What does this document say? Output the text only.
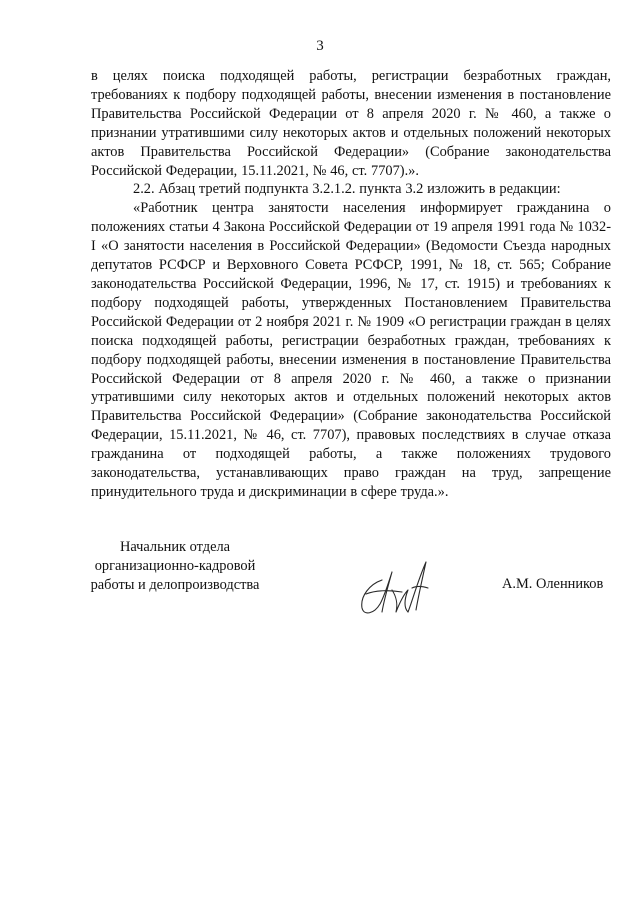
3

в целях поиска подходящей работы, регистрации безработных граждан, требованиях к подбору подходящей работы, внесении изменения в постановление Правительства Российской Федерации от 8 апреля 2020 г. № 460, а также о признании утратившими силу некоторых актов и отдельных положений некоторых актов Правительства Российской Федерации» (Собрание законодательства Российской Федерации, 15.11.2021, № 46, ст. 7707).».

2.2. Абзац третий подпункта 3.2.1.2. пункта 3.2 изложить в редакции:

«Работник центра занятости населения информирует гражданина о положениях статьи 4 Закона Российской Федерации от 19 апреля 1991 года № 1032-I «О занятости населения в Российской Федерации» (Ведомости Съезда народных депутатов РСФСР и Верховного Совета РСФСР, 1991, № 18, ст. 565; Собрание законодательства Российской Федерации, 1996, № 17, ст. 1915) и требованиях к подбору подходящей работы, утвержденных Постановлением Правительства Российской Федерации от 2 ноября 2021 г. № 1909 «О регистрации граждан в целях поиска подходящей работы, регистрации безработных граждан, требованиях к подбору подходящей работы, внесении изменения в постановление Правительства Российской Федерации от 8 апреля 2020 г. № 460, а также о признании утратившими силу некоторых актов и отдельных положений некоторых актов Правительства Российской Федерации» (Собрание законодательства Российской Федерации, 15.11.2021, № 46, ст. 7707), правовых последствиях в случае отказа гражданина от подходящей работы, а также положениях трудового законодательства, устанавливающих право граждан на труд, запрещение принудительного труда и дискриминации в сфере труда.».

Начальник отдела
организационно-кадровой
работы и делопроизводства	А.М. Оленников
